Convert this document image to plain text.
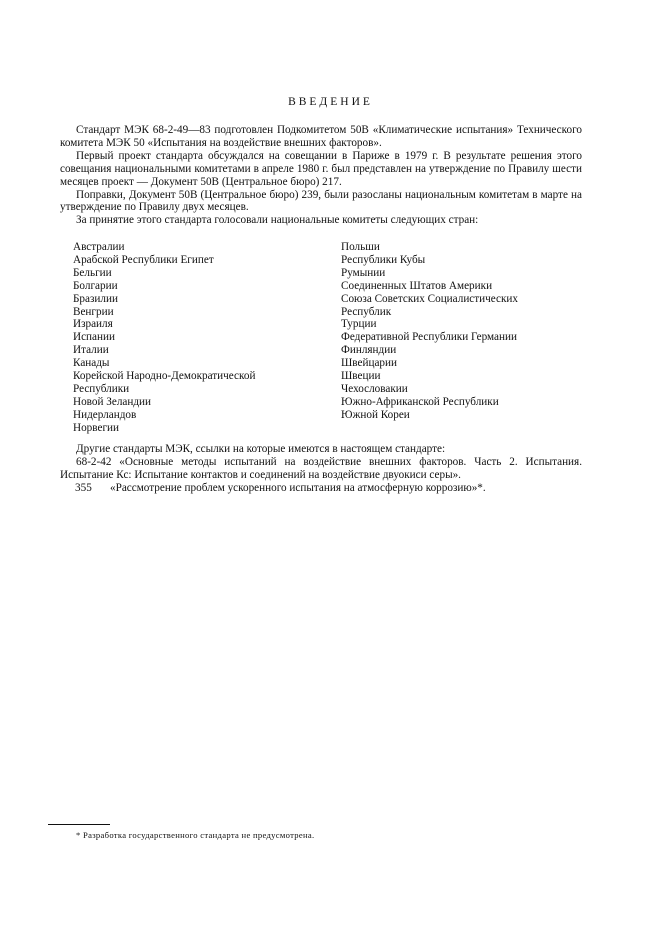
ВВЕДЕНИЕ

Стандарт МЭК 68-2-49—83 подготовлен Подкомитетом 50В «Климатические испытания» Технического комитета МЭК 50 «Испытания на воздействие внешних факторов».

Первый проект стандарта обсуждался на совещании в Париже в 1979 г. В результате решения этого совещания национальными комитетами в апреле 1980 г. был представлен на утверждение по Правилу шести месяцев проект — Документ 50В (Центральное бюро) 217.

Поправки, Документ 50В (Центральное бюро) 239, были разосланы национальным комитетам в марте на утверждение по Правилу двух месяцев.

За принятие этого стандарта голосовали национальные комитеты следующих стран:

Австралии
Арабской Республики Египет
Бельгии
Болгарии
Бразилии
Венгрии
Израиля
Испании
Италии
Канады
Корейской Народно-Демократической
Республики
Новой Зеландии
Нидерландов
Норвегии
Польши
Республики Кубы
Румынии
Соединенных Штатов Америки
Союза Советских Социалистических
Республик
Турции
Федеративной Республики Германии
Финляндии
Швейцарии
Швеции
Чехословакии
Южно-Африканской Республики
Южной Кореи

Другие стандарты МЭК, ссылки на которые имеются в настоящем стандарте:

68-2-42 «Основные методы испытаний на воздействие внешних факторов. Часть 2. Испытания. Испытание Кс: Испытание контактов и соединений на воздействие двуокиси серы».

355	«Рассмотрение проблем ускоренного испытания на атмосферную коррозию»*.
* Разработка государственного стандарта не предусмотрена.
